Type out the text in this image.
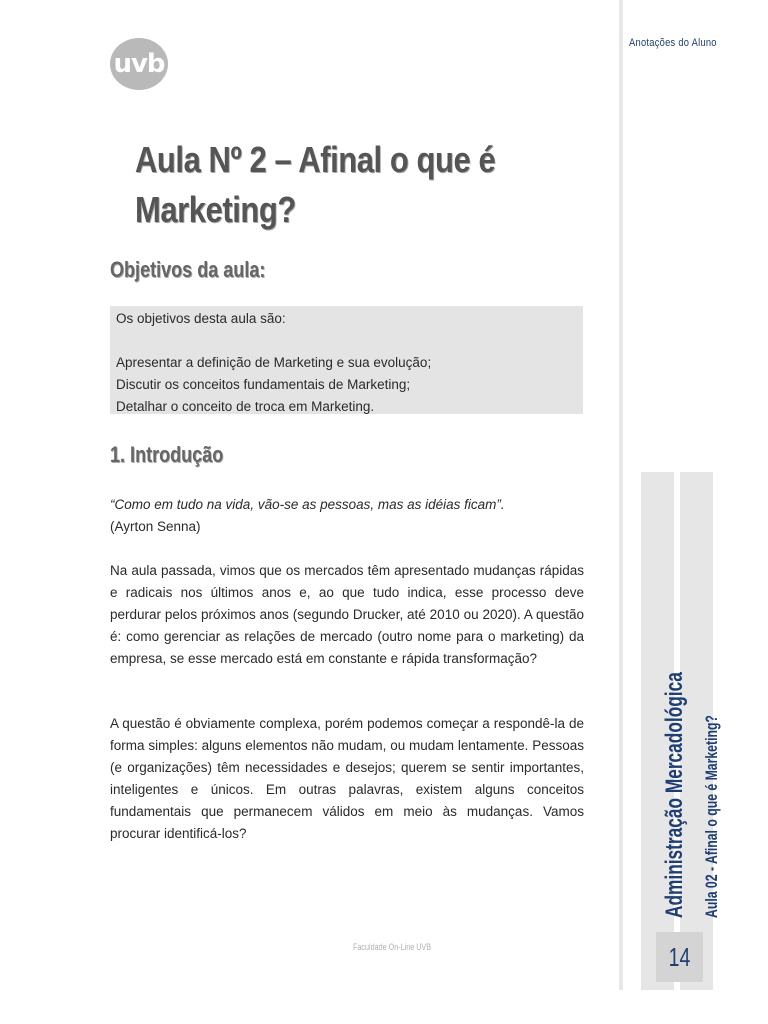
uvb
Aula Nº 2 – Afinal o que é Marketing?
Objetivos da aula:
Os objetivos desta aula são:

Apresentar a definição de Marketing e sua evolução;
Discutir os conceitos fundamentais de Marketing;
Detalhar o conceito de troca em Marketing.
1. Introdução
“Como em tudo na vida, vão-se as pessoas, mas as idéias ficam”.
(Ayrton Senna)
Na aula passada, vimos que os mercados têm apresentado mudanças rápidas e radicais nos últimos anos e, ao que tudo indica, esse processo deve perdurar pelos próximos anos (segundo Drucker, até 2010 ou 2020). A questão é: como gerenciar as relações de mercado (outro nome para o marketing) da empresa, se esse mercado está em constante e rápida transformação?
A questão é obviamente complexa, porém podemos começar a respondê-la de forma simples: alguns elementos não mudam, ou mudam lentamente. Pessoas (e organizações) têm necessidades e desejos; querem se sentir importantes, inteligentes e únicos. Em outras palavras, existem alguns conceitos fundamentais que permanecem válidos em meio às mudanças. Vamos procurar identificá-los?
Faculdade On-Line UVB
Anotações do Aluno
Administração Mercadológica Aula 02 - Afinal o que é Marketing?
14
